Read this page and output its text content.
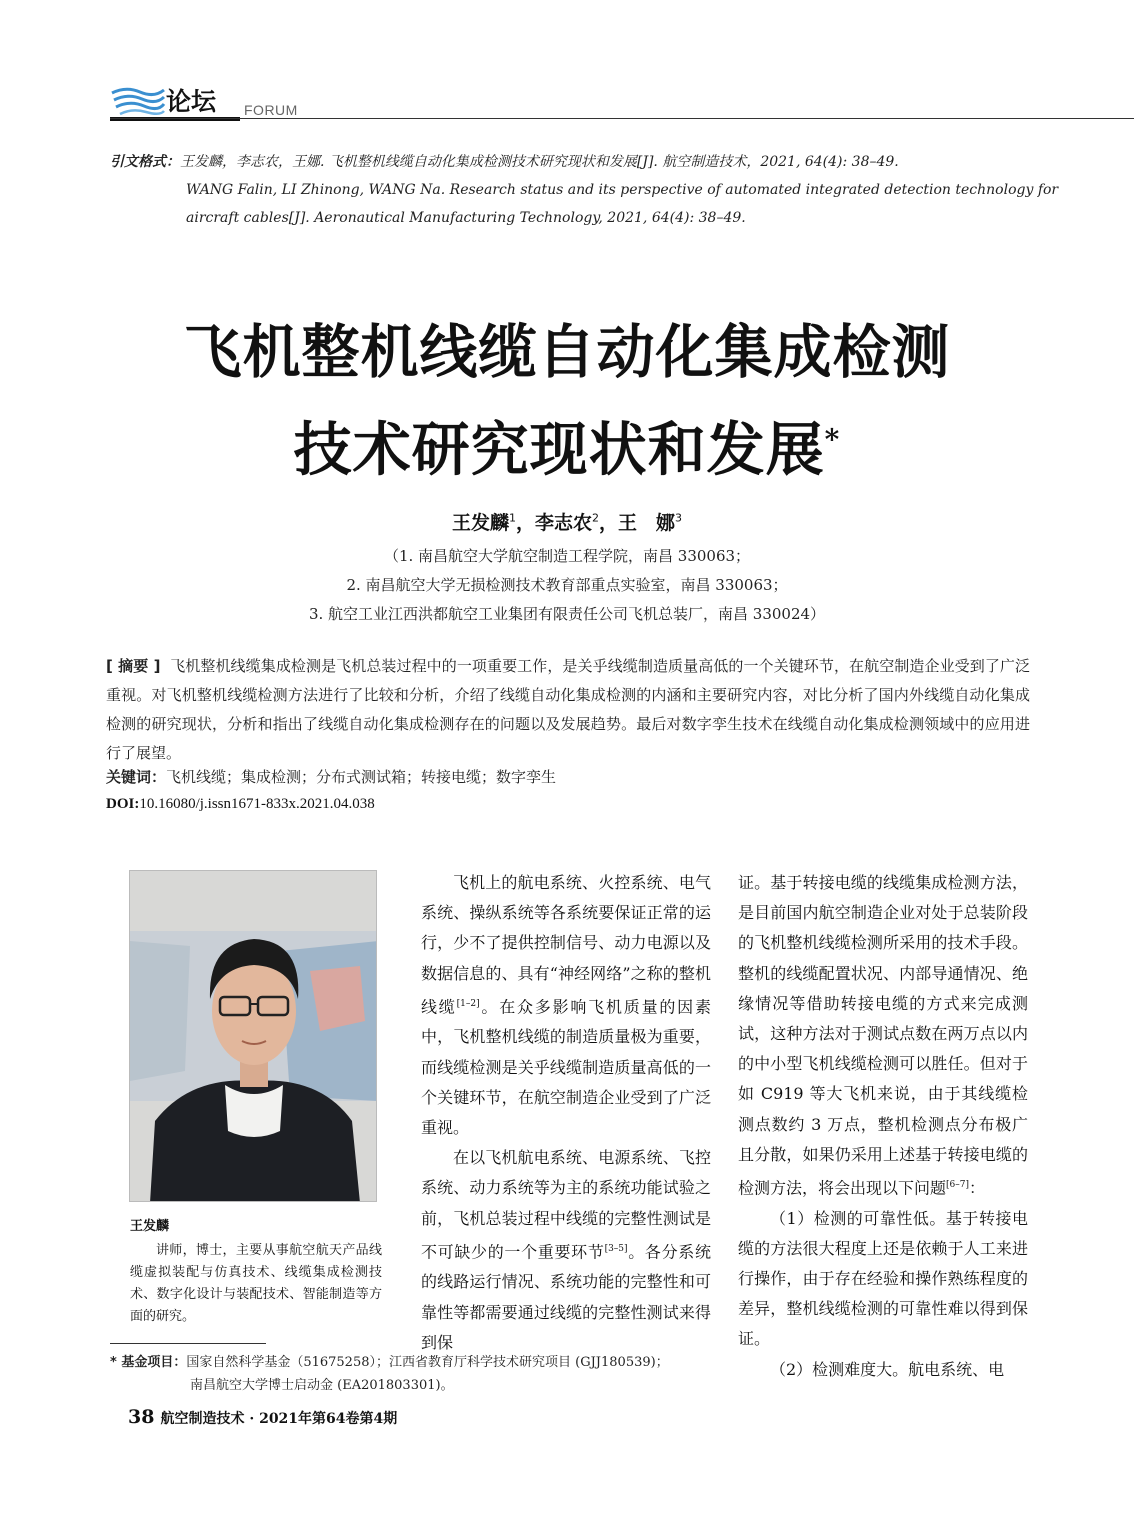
论坛 FORUM
引文格式：王发麟，李志农，王娜. 飞机整机线缆自动化集成检测技术研究现状和发展[J]. 航空制造技术，2021, 64(4): 38–49.
WANG Falin, LI Zhinong, WANG Na. Research status and its perspective of automated integrated detection technology for
aircraft cables[J]. Aeronautical Manufacturing Technology, 2021, 64(4): 38–49.
飞机整机线缆自动化集成检测
技术研究现状和发展*
王发麟$^1$，李志农$^2$，王　娜$^3$
（1. 南昌航空大学航空制造工程学院，南昌 330063；
2. 南昌航空大学无损检测技术教育部重点实验室，南昌 330063；
3. 航空工业江西洪都航空工业集团有限责任公司飞机总装厂，南昌 330024）
[ 摘要 ] 飞机整机线缆集成检测是飞机总装过程中的一项重要工作，是关乎线缆制造质量高低的一个关键环节，在航空制造企业受到了广泛重视。对飞机整机线缆检测方法进行了比较和分析，介绍了线缆自动化集成检测的内涵和主要研究内容，对比分析了国内外线缆自动化集成检测的研究现状，分析和指出了线缆自动化集成检测存在的问题以及发展趋势。最后对数字孪生技术在线缆自动化集成检测领域中的应用进行了展望。
关键词：飞机线缆；集成检测；分布式测试箱；转接电缆；数字孪生
DOI:10.16080/j.issn1671-833x.2021.04.038
王发麟
讲师，博士，主要从事航空航天产品线缆虚拟装配与仿真技术、线缆集成检测技术、数字化设计与装配技术、智能制造等方面的研究。

飞机上的航电系统、火控系统、电气系统、操纵系统等各系统要保证正常的运行，少不了提供控制信号、动力电源以及数据信息的、具有“神经网络”之称的整机线缆[1–2]。在众多影响飞机质量的因素中，飞机整机线缆的制造质量极为重要，而线缆检测是关乎线缆制造质量高低的一个关键环节，在航空制造企业受到了广泛重视。

在以飞机航电系统、电源系统、飞控系统、动力系统等为主的系统功能试验之前，飞机总装过程中线缆的完整性测试是不可缺少的一个重要环节[3–5]。各分系统的线路运行情况、系统功能的完整性和可靠性等都需要通过线缆的完整性测试来得到保

证。基于转接电缆的线缆集成检测方法，是目前国内航空制造企业对处于总装阶段的飞机整机线缆检测所采用的技术手段。整机的线缆配置状况、内部导通情况、绝缘情况等借助转接电缆的方式来完成测试，这种方法对于测试点数在两万点以内的中小型飞机线缆检测可以胜任。但对于如 C919 等大飞机来说，由于其线缆检测点数约 3 万点，整机检测点分布极广且分散，如果仍采用上述基于转接电缆的检测方法，将会出现以下问题[6–7]：

（1）检测的可靠性低。基于转接电缆的方法很大程度上还是依赖于人工来进行操作，由于存在经验和操作熟练程度的差异，整机线缆检测的可靠性难以得到保证。

（2）检测难度大。航电系统、电

* 基金项目：国家自然科学基金（51675258）；江西省教育厅科学技术研究项目 (GJJ180539)；
南昌航空大学博士启动金 (EA201803301)。
38 航空制造技术 · 2021年第64卷第4期
